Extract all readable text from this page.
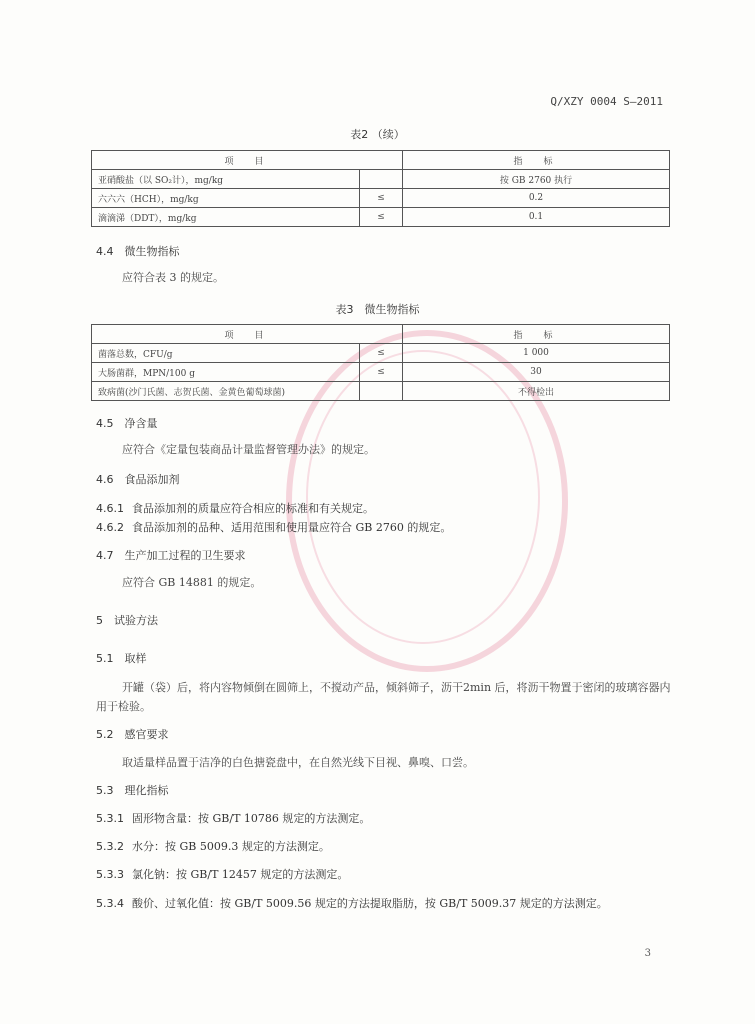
Q/XZY 0004 S—2011
表2 （续）
项　目		指　标
亚硝酸盐（以 SO₂计），mg/kg		按 GB 2760 执行
六六六（HCH），mg/kg	≤	0.2
滴滴涕（DDT），mg/kg	≤	0.1
4.4　微生物指标
应符合表 3 的规定。
表3　微生物指标
项　目		指　标
菌落总数，CFU/g	≤	1 000
大肠菌群，MPN/100 g	≤	30
致病菌(沙门氏菌、志贺氏菌、金黄色葡萄球菌)		不得检出
4.5　净含量
应符合《定量包装商品计量监督管理办法》的规定。
4.6　食品添加剂
4.6.1 食品添加剂的质量应符合相应的标准和有关规定。
4.6.2 食品添加剂的品种、适用范围和使用量应符合 GB 2760 的规定。
4.7　生产加工过程的卫生要求
应符合 GB 14881 的规定。
5　试验方法
5.1　取样
开罐（袋）后，将内容物倾倒在圆筛上，不搅动产品，倾斜筛子，沥干2min 后，将沥干物置于密闭的玻璃容器内用于检验。
5.2　感官要求
取适量样品置于洁净的白色搪瓷盘中，在自然光线下目视、鼻嗅、口尝。
5.3　理化指标
5.3.1 固形物含量：按 GB/T 10786 规定的方法测定。
5.3.2 水分：按 GB 5009.3 规定的方法测定。
5.3.3 氯化钠：按 GB/T 12457 规定的方法测定。
5.3.4 酸价、过氧化值：按 GB/T 5009.56 规定的方法提取脂肪，按 GB/T 5009.37 规定的方法测定。
3
